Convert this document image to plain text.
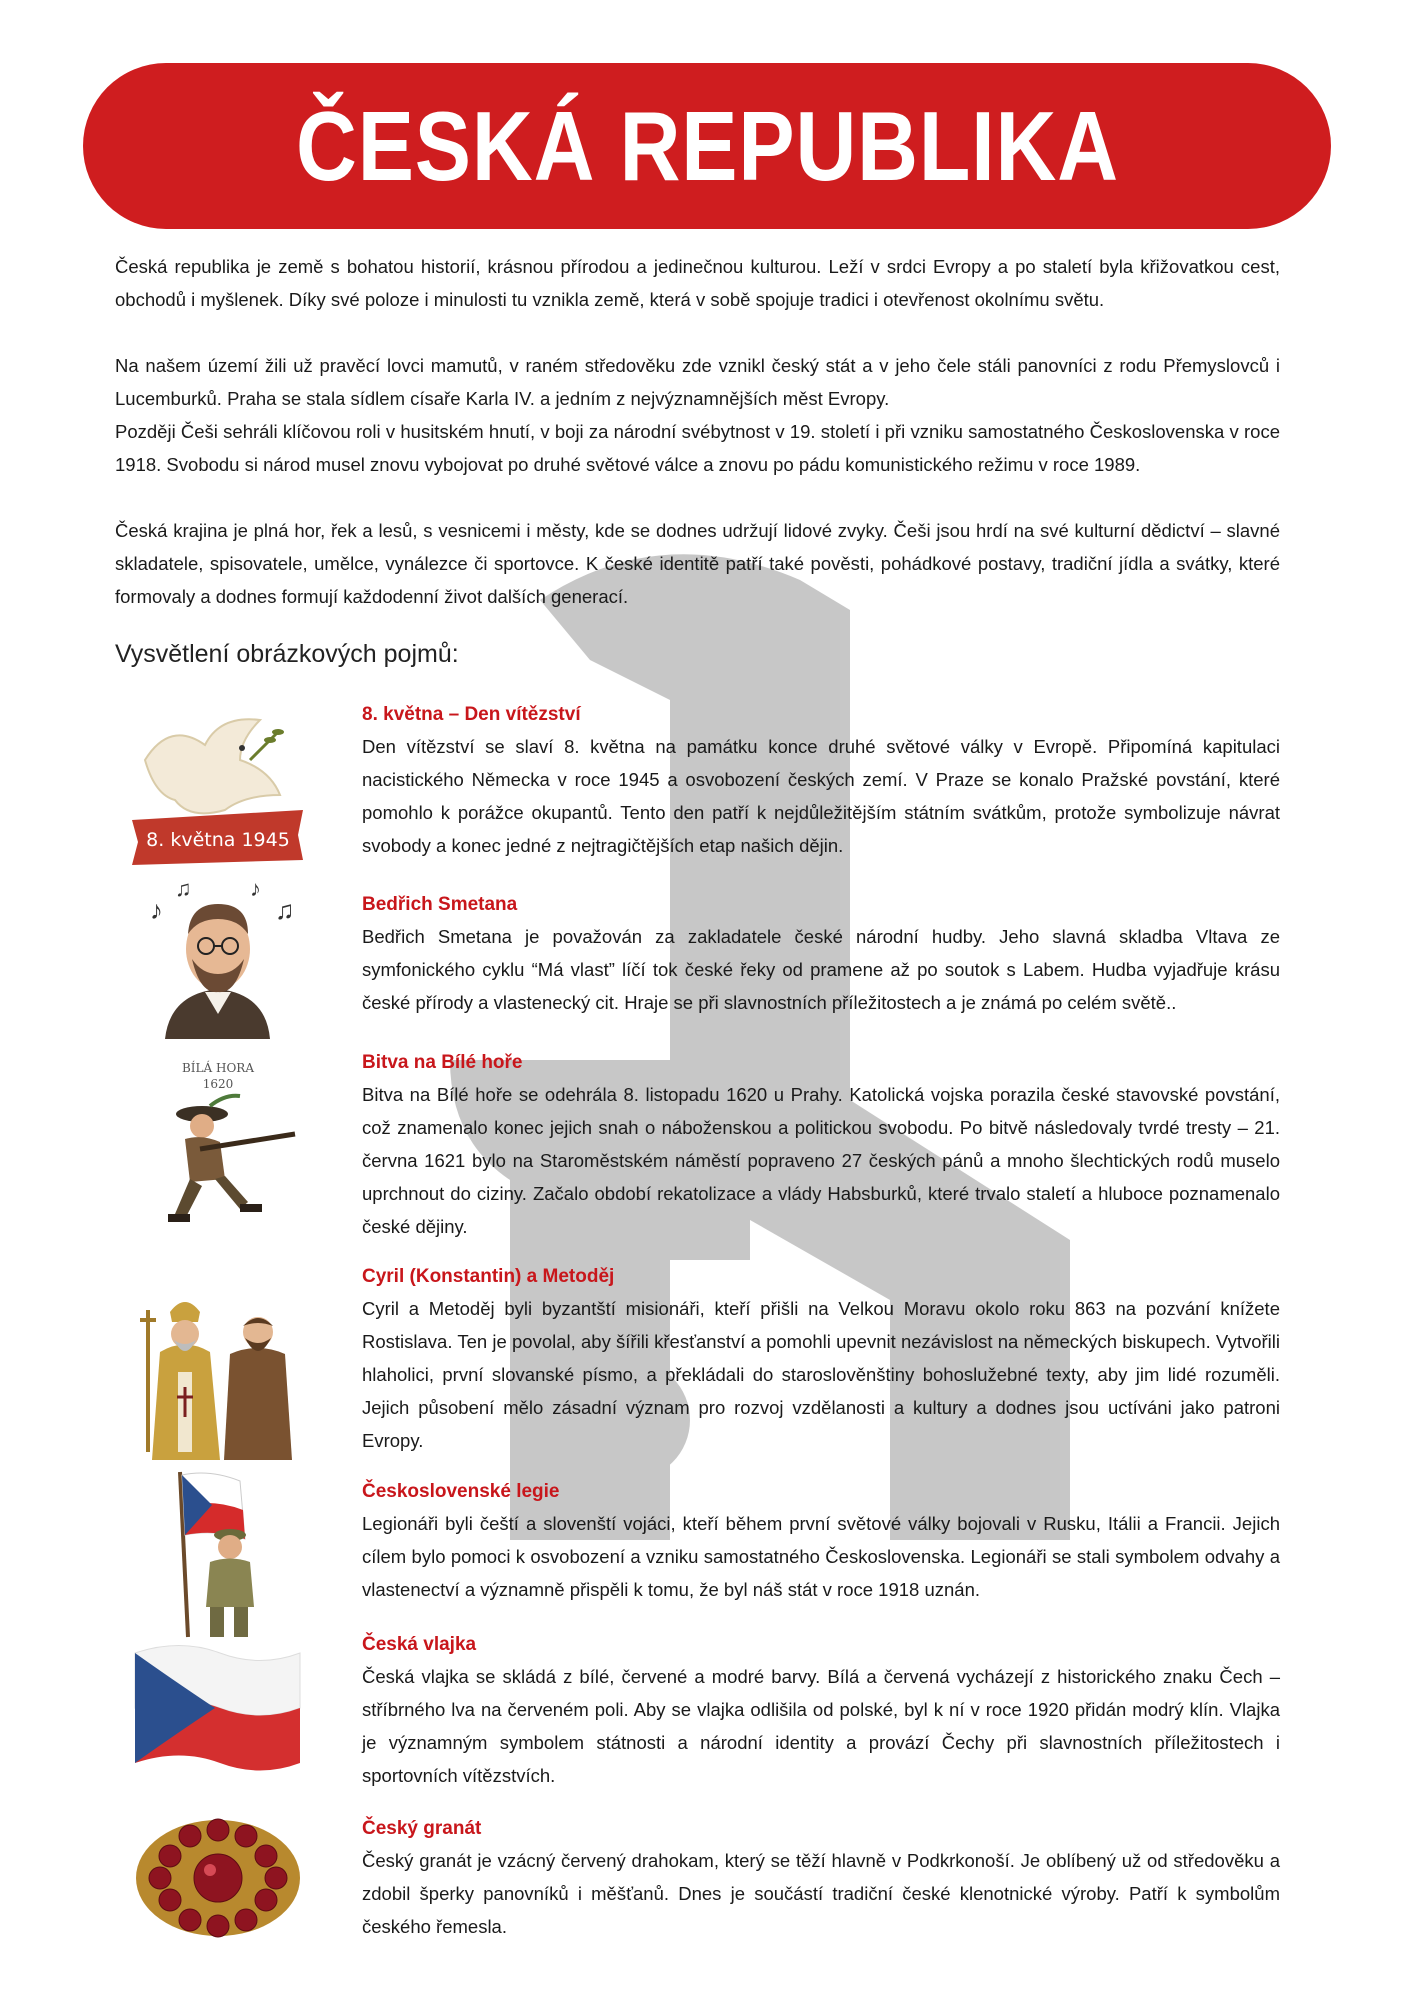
ČESKÁ REPUBLIKA

Česká republika je země s bohatou historií, krásnou přírodou a jedinečnou kulturou. Leží v srdci Evropy a po staletí byla křižovatkou cest, obchodů i myšlenek. Díky své poloze i minulosti tu vznikla země, která v sobě spojuje tradici i otevřenost okolnímu světu.

Na našem území žili už pravěcí lovci mamutů, v raném středověku zde vznikl český stát a v jeho čele stáli panovníci z rodu Přemyslovců i Lucemburků. Praha se stala sídlem císaře Karla IV. a jedním z nejvýznamnějších měst Evropy.

Později Češi sehráli klíčovou roli v husitském hnutí, v boji za národní svébytnost v 19. století i při vzniku samostatného Československa v roce 1918. Svobodu si národ musel znovu vybojovat po druhé světové válce a znovu po pádu komunistického režimu v roce 1989.

Česká krajina je plná hor, řek a lesů, s vesnicemi i městy, kde se dodnes udržují lidové zvyky. Češi jsou hrdí na své kulturní dědictví – slavné skladatele, spisovatele, umělce, vynálezce či sportovce. K české identitě patří také pověsti, pohádkové postavy, tradiční jídla a svátky, které formovaly a dodnes formují každodenní život dalších generací.

Vysvětlení obrázkových pojmů:
8. května 1945
8. května – Den vítězství

Den vítězství se slaví 8. května na památku konce druhé světové války v Evropě. Připomíná kapitulaci nacistického Německa v roce 1945 a osvobození českých zemí. V Praze se konalo Pražské povstání, které pomohlo k porážce okupantů. Tento den patří k nejdůležitějším státním svátkům, protože symbolizuje návrat svobody a konec jedné z nejtragičtějších etap našich dějin.

♪
♫	♪
♫	Bedřich Smetana

Bedřich Smetana je považován za zakladatele české národní hudby. Jeho slavná skladba Vltava ze symfonického cyklu “Má vlast” líčí tok české řeky od pramene až po soutok s Labem. Hudba vyjadřuje krásu české přírody a vlastenecký cit. Hraje se při slavnostních příležitostech a je známá po celém světě..

BÍLÁ HORA
1620
Bitva na Bílé hoře

Bitva na Bílé hoře se odehrála 8. listopadu 1620 u Prahy. Katolická vojska porazila české stavovské povstání, což znamenalo konec jejich snah o náboženskou a politickou svobodu. Po bitvě následovaly tvrdé tresty – 21. června 1621 bylo na Staroměstském náměstí popraveno 27 českých pánů a mnoho šlechtických rodů muselo uprchnout do ciziny. Začalo období rekatolizace a vlády Habsburků, které trvalo staletí a hluboce poznamenalo české dějiny.

Cyril (Konstantin) a Metoděj

Cyril a Metoděj byli byzantští misionáři, kteří přišli na Velkou Moravu okolo roku 863 na pozvání knížete Rostislava. Ten je povolal, aby šířili křesťanství a pomohli upevnit nezávislost na německých biskupech. Vytvořili hlaholici, první slovanské písmo, a překládali do staroslověnštiny bohoslužebné texty, aby jim lidé rozuměli. Jejich působení mělo zásadní význam pro rozvoj vzdělanosti a kultury a dodnes jsou uctíváni jako patroni Evropy.

Československé legie

Legionáři byli čeští a slovenští vojáci, kteří během první světové války bojovali v Rusku, Itálii a Francii. Jejich cílem bylo pomoci k osvobození a vzniku samostatného Československa. Legionáři se stali symbolem odvahy a vlastenectví a významně přispěli k tomu, že byl náš stát v roce 1918 uznán.

Česká vlajka

Česká vlajka se skládá z bílé, červené a modré barvy. Bílá a červená vycházejí z historického znaku Čech – stříbrného lva na červeném poli. Aby se vlajka odlišila od polské, byl k ní v roce 1920 přidán modrý klín. Vlajka je významným symbolem státnosti a národní identity a provází Čechy při slavnostních příležitostech i sportovních vítězstvích.

Český granát

Český granát je vzácný červený drahokam, který se těží hlavně v Podkrkonoší. Je oblíbený už od středověku a zdobil šperky panovníků i měšťanů. Dnes je součástí tradiční české klenotnické výroby. Patří k symbolům českého řemesla.
